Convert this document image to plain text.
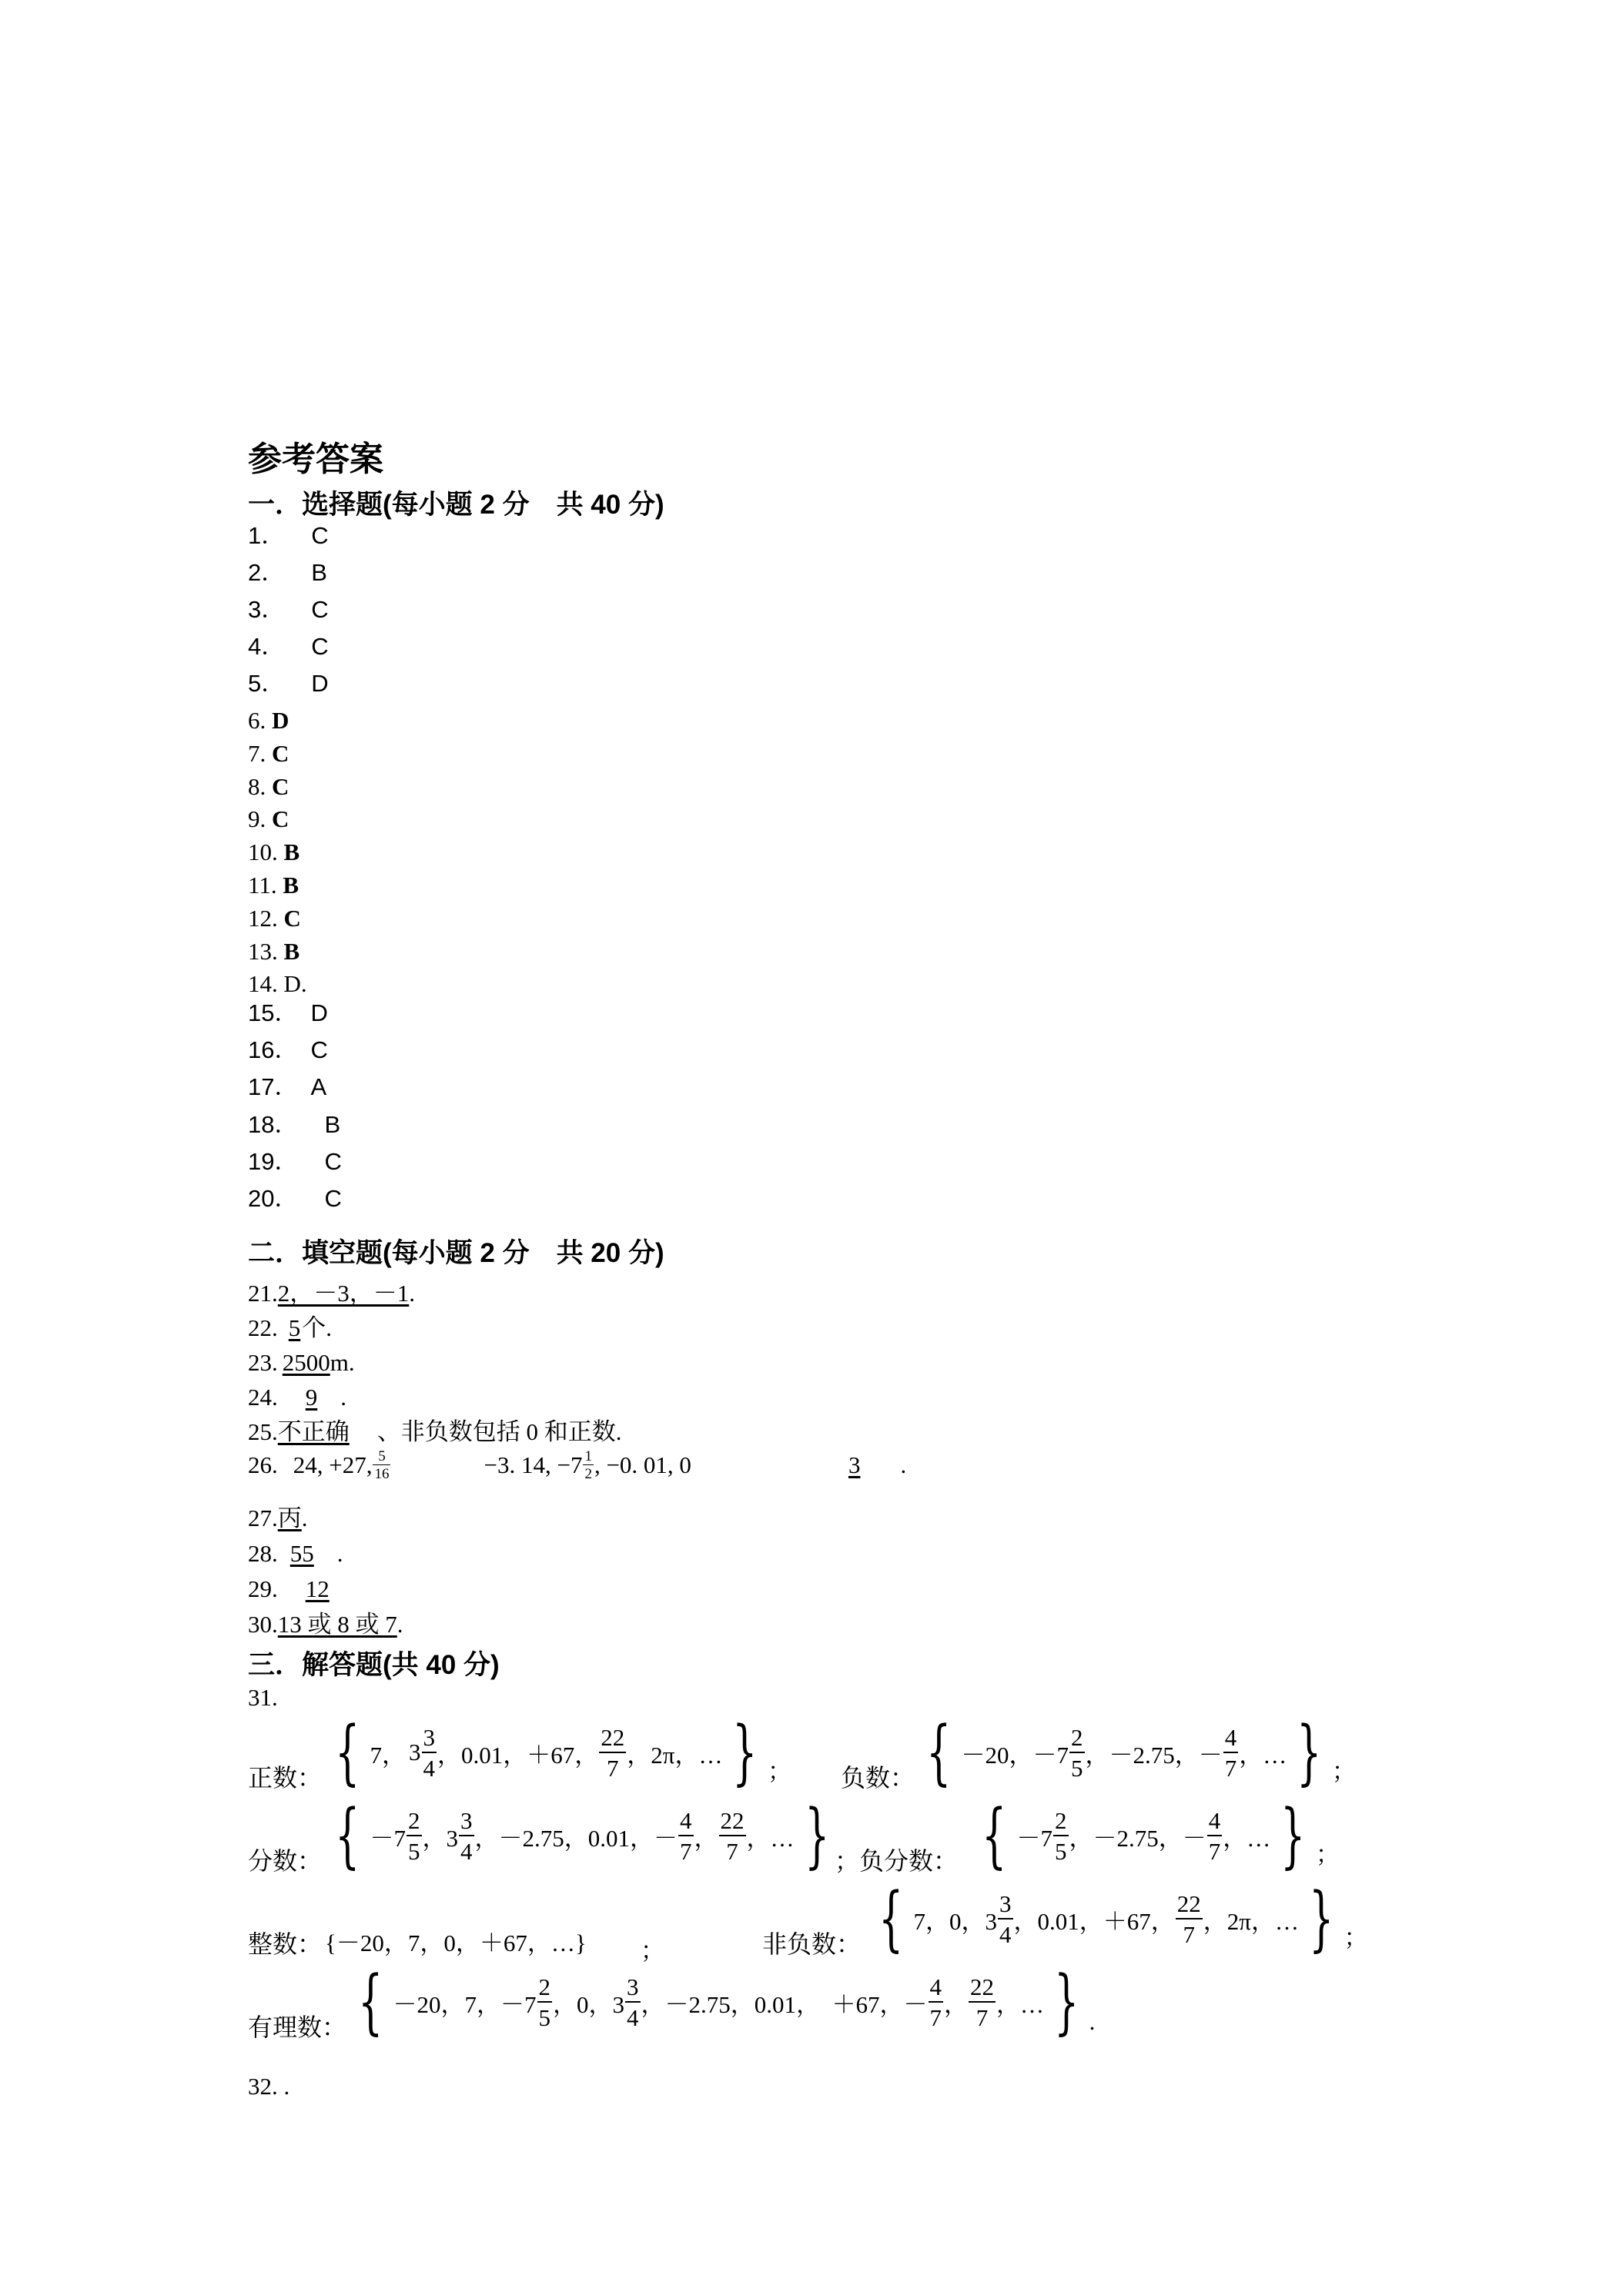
参考答案
一．选择题(每小题 2 分　共 40 分)
1． C
2． B
3． C
4． C
5． D
6. D
7. C
8. C
9. C
10. B
11. B
12. C
13. B
14. D.
15． D
16． C
17． A
18． B
19． C
20． C
二．填空题(每小题 2 分　共 20 分)
21.2，－3，－1.
22. 5个.
23. 2500m.
24. 9 .
25.不正确 、非负数包括 0 和正数.
26. 24, +27, $\frac{5}{16}$	−3. 14, $-7 \frac{1}{2}$ , −0. 01, 0	3	.
27.丙.
28. 55 .
29. 12
30.13 或 8 或 7.
三．解答题(共 40 分)
31.
正数： { 7， $3 \frac{3}{4}$ ，0.01，＋67， $\frac{22}{7}$ ，2π，… } ； 负数： { －20，$-7 \frac{2}{5}$ ，－2.75，－ $\frac{4}{7}$ ，… } ；
分数： { $-7 \frac{2}{5}$ ，$3 \frac{3}{4}$ ，－2.75，0.01，－ $\frac{4}{7}$ ， $\frac{22}{7}$ ，… } ；负分数： { $-7 \frac{2}{5}$ ，－2.75，－ $\frac{4}{7}$ ，… } ；
整数： {－20，7，0，＋67，…} ；	非负数： { 7，0，$3 \frac{3}{4}$ ，0.01，＋67， $\frac{22}{7}$ ，2π，… } ；
有理数： { －20，7，$-7 \frac{2}{5}$ ，0，$3 \frac{3}{4}$ ，－2.75，0.01，　＋67，－ $\frac{4}{7}$ ， $\frac{22}{7}$ ，… } .
32. .
